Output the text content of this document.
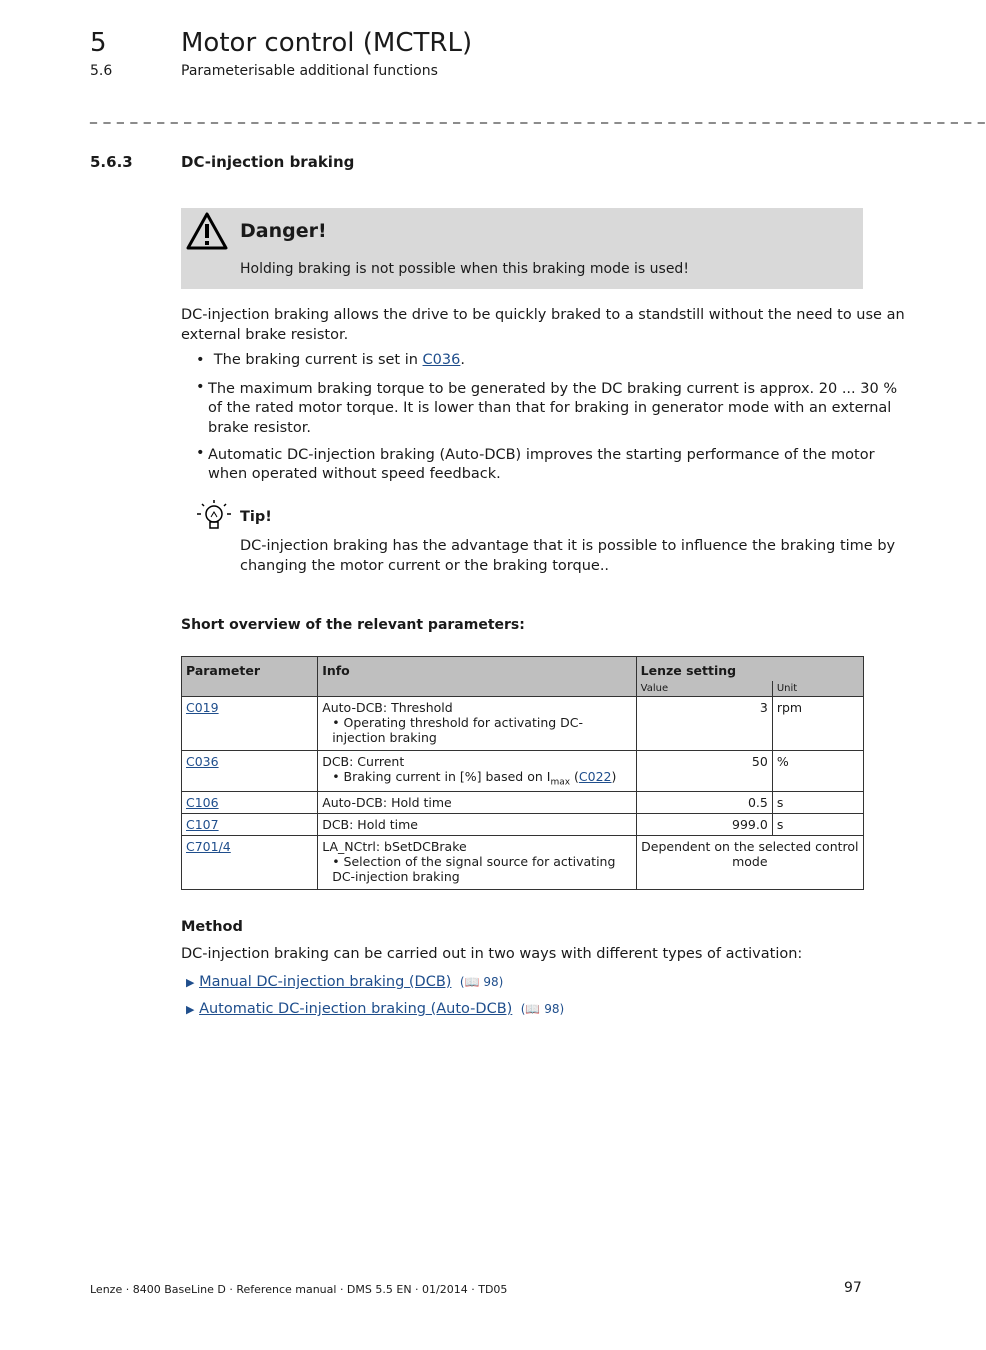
5	Motor control (MCTRL)
5.6	Parameterisable additional functions
_ _ _ _ _ _ _ _ _ _ _ _ _ _ _ _ _ _ _ _ _ _ _ _ _ _ _ _ _ _ _ _ _ _ _ _ _ _ _ _ _ _ _ _ _ _ _ _ _ _ _ _ _ _ _ _ _ _ _ _ _ _ _ _ _ _ _
5.6.3	DC-injection braking
Danger!
Holding braking is not possible when this braking mode is used!
DC-injection braking allows the drive to be quickly braked to a standstill without the need to use an
external brake resistor.
•  The braking current is set in C036.
• The maximum braking torque to be generated by the DC braking current is approx. 20 ... 30 %
of the rated motor torque. It is lower than that for braking in generator mode with an external
brake resistor.
• Automatic DC-injection braking (Auto-DCB) improves the starting performance of the motor
when operated without speed feedback.
Tip!
DC-injection braking has the advantage that it is possible to influence the braking time by
changing the motor current or the braking torque..
Short overview of the relevant parameters:
Parameter	Info	Lenze setting	
		Value	Unit
C019	Auto-DCB: Threshold
• Operating threshold for activating DC-injection braking	3	rpm
C036	DCB: Current
• Braking current in [%] based on $I_{max}$ (C022)	50	%
C106	Auto-DCB: Hold time	0.5	s
C107	DCB: Hold time	999.0	s
C701/4	LA_NCtrl: bSetDCBrake
• Selection of the signal source for activating DC-injection braking	Dependent on the selected control mode	
Method
DC-injection braking can be carried out in two ways with different types of activation:
▶ Manual DC-injection braking (DCB)  (📖 98)
▶ Automatic DC-injection braking (Auto-DCB)  (📖 98)
Lenze · 8400 BaseLine D · Reference manual · DMS 5.5 EN · 01/2014 · TD05	97
